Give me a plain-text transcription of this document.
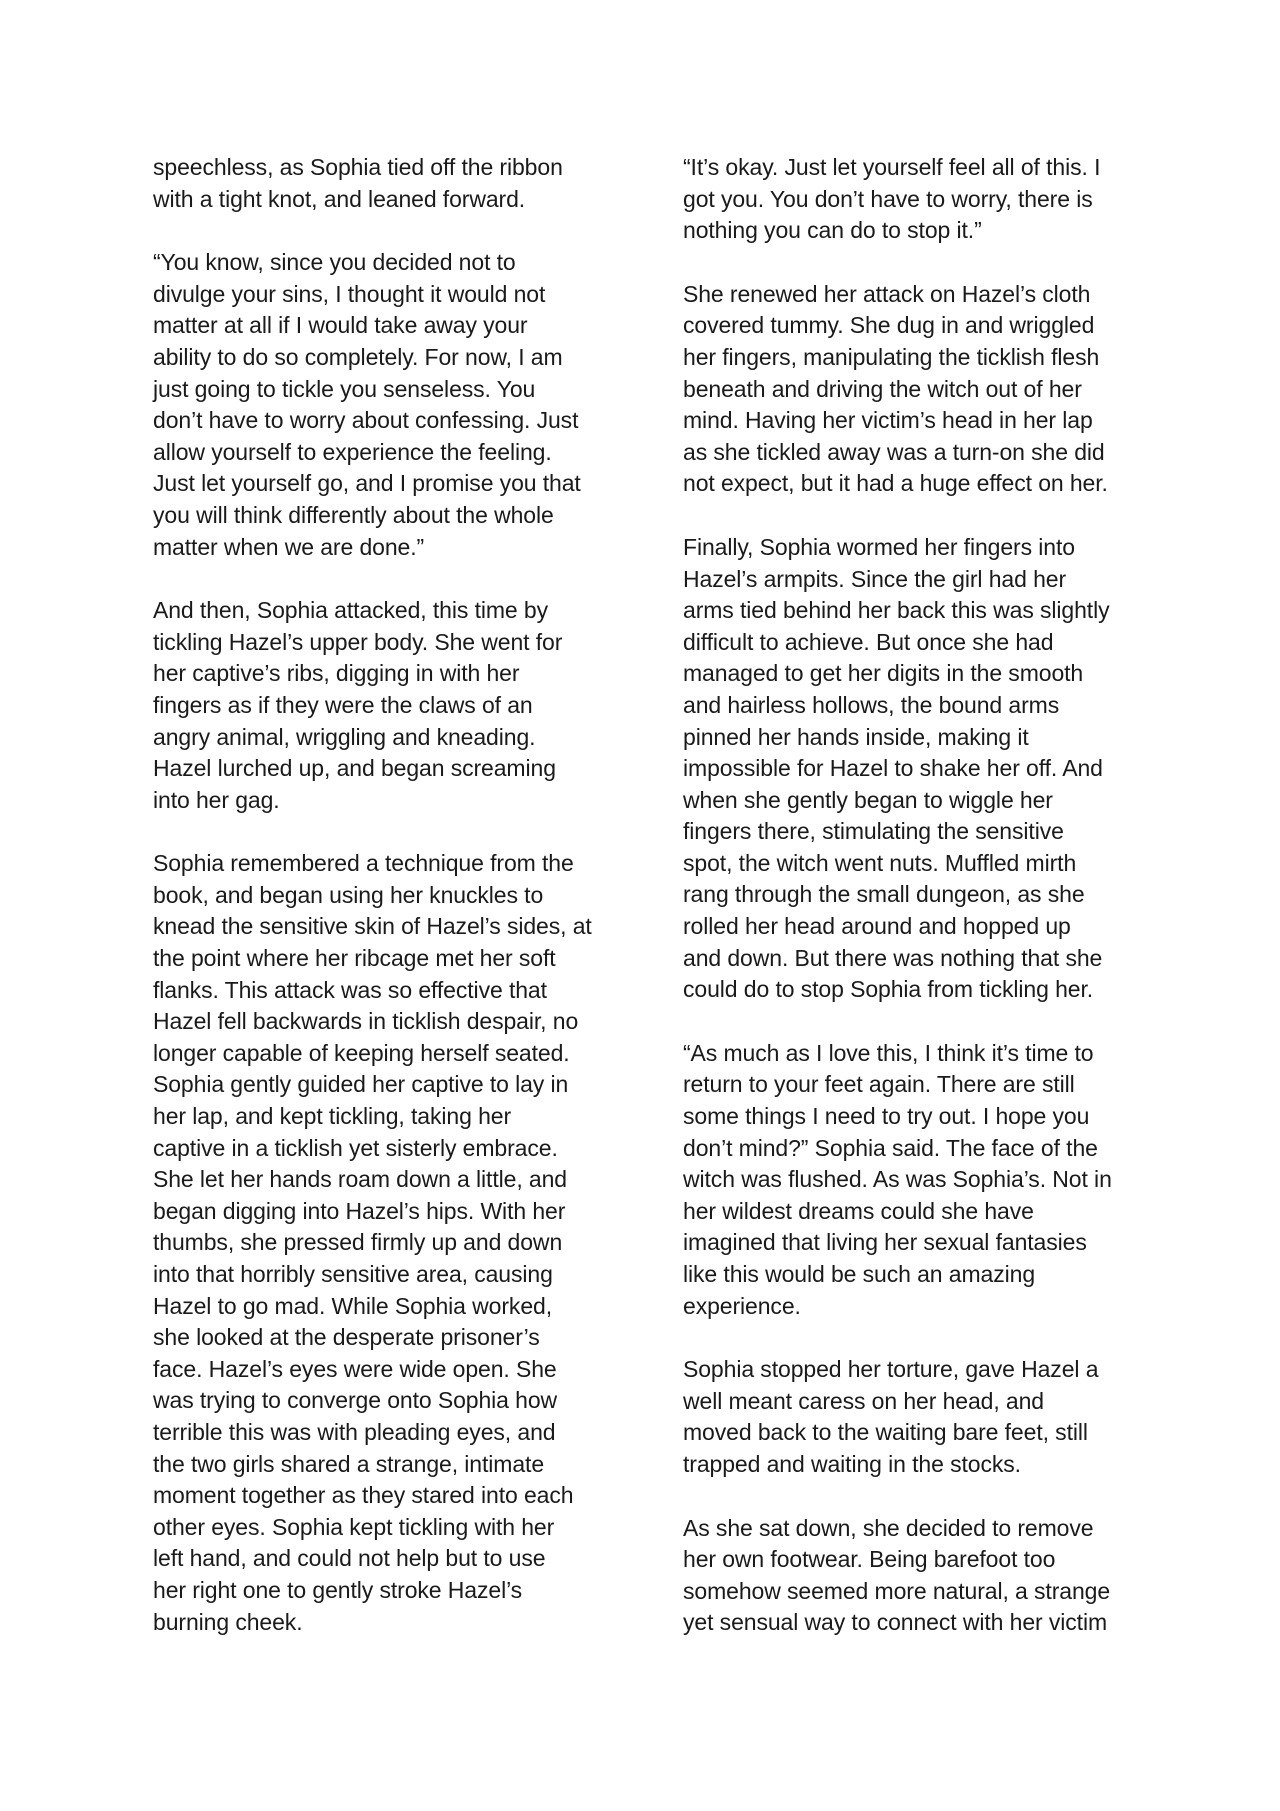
speechless, as Sophia tied off the ribbon
with a tight knot, and leaned forward.

“You know, since you decided not to
divulge your sins, I thought it would not
matter at all if I would take away your
ability to do so completely. For now, I am
just going to tickle you senseless. You
don’t have to worry about confessing. Just
allow yourself to experience the feeling.
Just let yourself go, and I promise you that
you will think differently about the whole
matter when we are done.”

And then, Sophia attacked, this time by
tickling Hazel’s upper body. She went for
her captive’s ribs, digging in with her
fingers as if they were the claws of an
angry animal, wriggling and kneading.
Hazel lurched up, and began screaming
into her gag.

Sophia remembered a technique from the
book, and began using her knuckles to
knead the sensitive skin of Hazel’s sides, at
the point where her ribcage met her soft
flanks. This attack was so effective that
Hazel fell backwards in ticklish despair, no
longer capable of keeping herself seated.
Sophia gently guided her captive to lay in
her lap, and kept tickling, taking her
captive in a ticklish yet sisterly embrace.
She let her hands roam down a little, and
began digging into Hazel’s hips. With her
thumbs, she pressed firmly up and down
into that horribly sensitive area, causing
Hazel to go mad. While Sophia worked,
she looked at the desperate prisoner’s
face. Hazel’s eyes were wide open. She
was trying to converge onto Sophia how
terrible this was with pleading eyes, and
the two girls shared a strange, intimate
moment together as they stared into each
other eyes. Sophia kept tickling with her
left hand, and could not help but to use
her right one to gently stroke Hazel’s
burning cheek.

“It’s okay. Just let yourself feel all of this. I
got you. You don’t have to worry, there is
nothing you can do to stop it.”

She renewed her attack on Hazel’s cloth
covered tummy. She dug in and wriggled
her fingers, manipulating the ticklish flesh
beneath and driving the witch out of her
mind. Having her victim’s head in her lap
as she tickled away was a turn-on she did
not expect, but it had a huge effect on her.

Finally, Sophia wormed her fingers into
Hazel’s armpits. Since the girl had her
arms tied behind her back this was slightly
difficult to achieve. But once she had
managed to get her digits in the smooth
and hairless hollows, the bound arms
pinned her hands inside, making it
impossible for Hazel to shake her off. And
when she gently began to wiggle her
fingers there, stimulating the sensitive
spot, the witch went nuts. Muffled mirth
rang through the small dungeon, as she
rolled her head around and hopped up
and down. But there was nothing that she
could do to stop Sophia from tickling her.

“As much as I love this, I think it’s time to
return to your feet again. There are still
some things I need to try out. I hope you
don’t mind?” Sophia said. The face of the
witch was flushed. As was Sophia’s. Not in
her wildest dreams could she have
imagined that living her sexual fantasies
like this would be such an amazing
experience.

Sophia stopped her torture, gave Hazel a
well meant caress on her head, and
moved back to the waiting bare feet, still
trapped and waiting in the stocks.

As she sat down, she decided to remove
her own footwear. Being barefoot too
somehow seemed more natural, a strange
yet sensual way to connect with her victim
